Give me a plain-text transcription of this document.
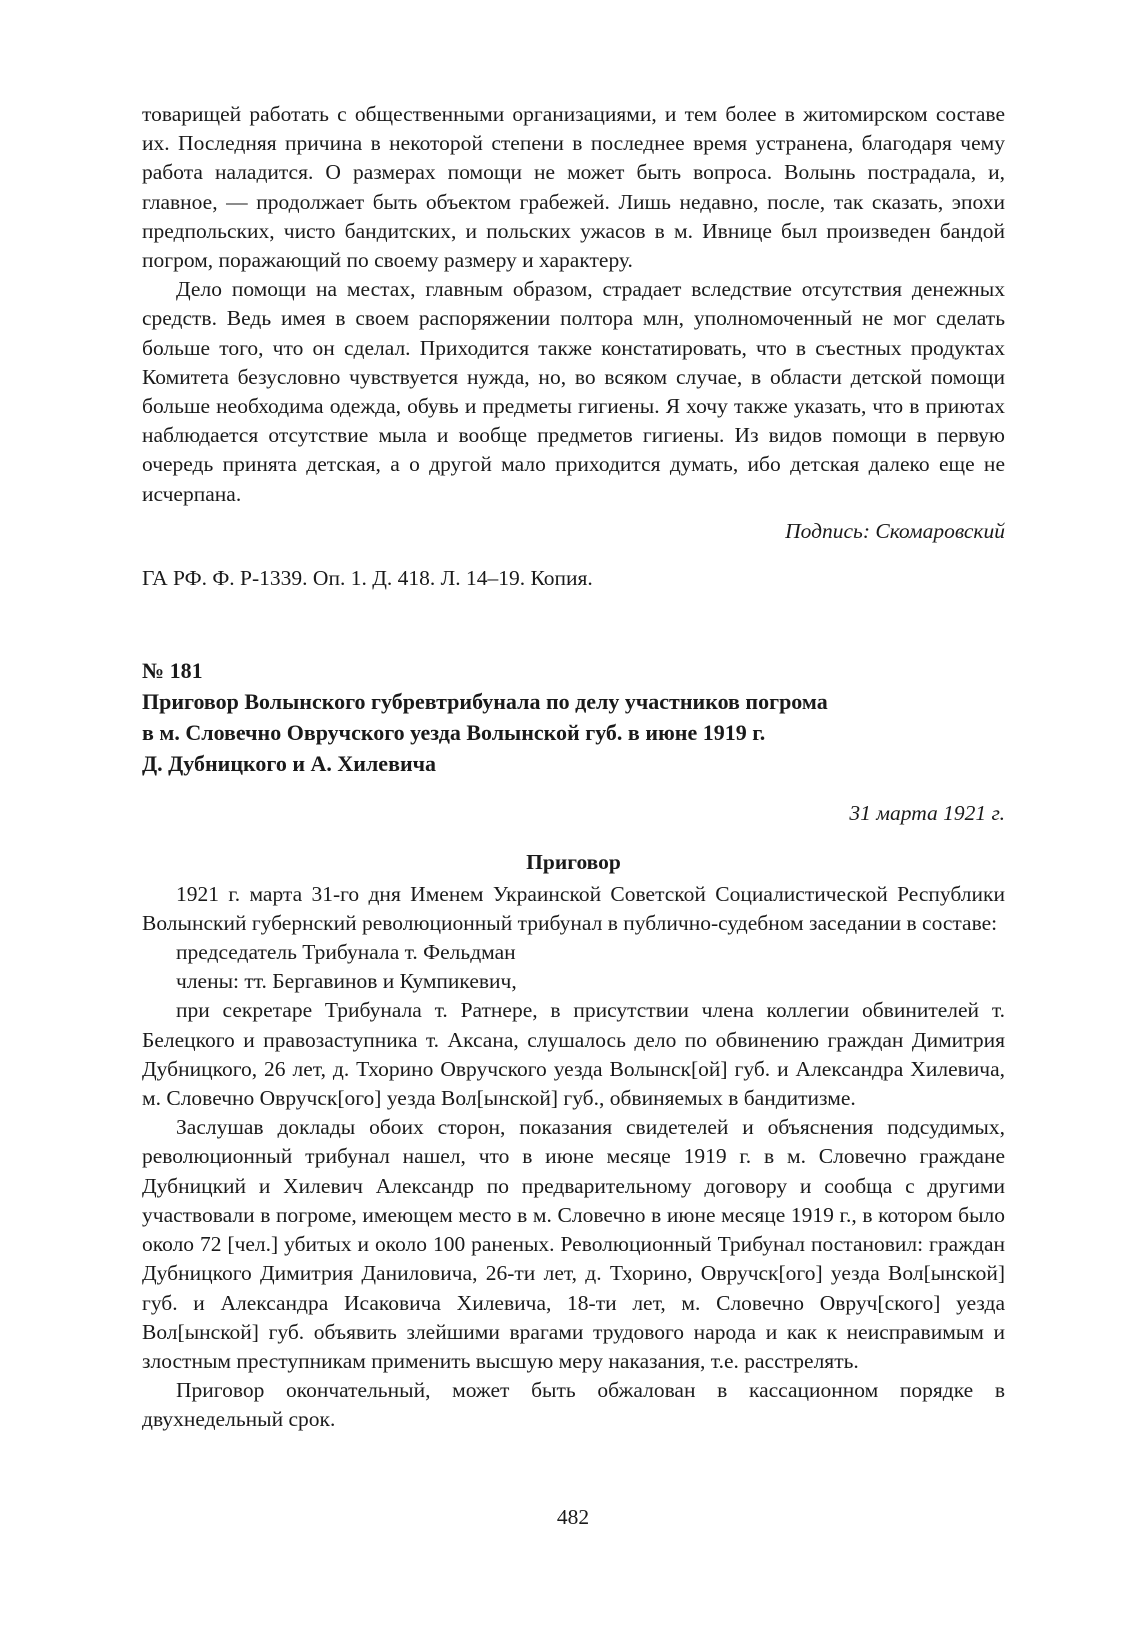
товарищей работать с общественными организациями, и тем более в житомирском составе их. Последняя причина в некоторой степени в последнее время устранена, благодаря чему работа наладится. О размерах помощи не может быть вопроса. Волынь пострадала, и, главное, — продолжает быть объектом грабежей. Лишь недавно, после, так сказать, эпохи предпольских, чисто бандитских, и польских ужасов в м. Ивнице был произведен бандой погром, поражающий по своему размеру и характеру.

Дело помощи на местах, главным образом, страдает вследствие отсутствия денежных средств. Ведь имея в своем распоряжении полтора млн, уполномоченный не мог сделать больше того, что он сделал. Приходится также констатировать, что в съестных продуктах Комитета безусловно чувствуется нужда, но, во всяком случае, в области детской помощи больше необходима одежда, обувь и предметы гигиены. Я хочу также указать, что в приютах наблюдается отсутствие мыла и вообще предметов гигиены. Из видов помощи в первую очередь принята детская, а о другой мало приходится думать, ибо детская далеко еще не исчерпана.

Подпись: Скомаровский

ГА РФ. Ф. Р-1339. Оп. 1. Д. 418. Л. 14–19. Копия.

№ 181

Приговор Волынского губревтрибунала по делу участников погрома

в м. Словечно Овручского уезда Волынской губ. в июне 1919 г.

Д. Дубницкого и А. Хилевича

31 марта 1921 г.

Приговор

1921 г. марта 31-го дня Именем Украинской Советской Социалистической Республики Волынский губернский революционный трибунал в публично-судебном заседании в составе:

председатель Трибунала т. Фельдман

члены: тт. Бергавинов и Кумпикевич,

при секретаре Трибунала т. Ратнере, в присутствии члена коллегии обвинителей т. Белецкого и правозаступника т. Аксана, слушалось дело по обвинению граждан Димитрия Дубницкого, 26 лет, д. Тхорино Овручского уезда Волынск[ой] губ. и Александра Хилевича, м. Словечно Овручск[ого] уезда Вол[ынской] губ., обвиняемых в бандитизме.

Заслушав доклады обоих сторон, показания свидетелей и объяснения подсудимых, революционный трибунал нашел, что в июне месяце 1919 г. в м. Словечно граждане Дубницкий и Хилевич Александр по предварительному договору и сообща с другими участвовали в погроме, имеющем место в м. Словечно в июне месяце 1919 г., в котором было около 72 [чел.] убитых и около 100 раненых. Революционный Трибунал постановил: граждан Дубницкого Димитрия Даниловича, 26-ти лет, д. Тхорино, Овручск[ого] уезда Вол[ынской] губ. и Александра Исаковича Хилевича, 18-ти лет, м. Словечно Овруч[ского] уезда Вол[ынской] губ. объявить злейшими врагами трудового народа и как к неисправимым и злостным преступникам применить высшую меру наказания, т.е. расстрелять.

Приговор окончательный, может быть обжалован в кассационном порядке в двухнедельный срок.

482
